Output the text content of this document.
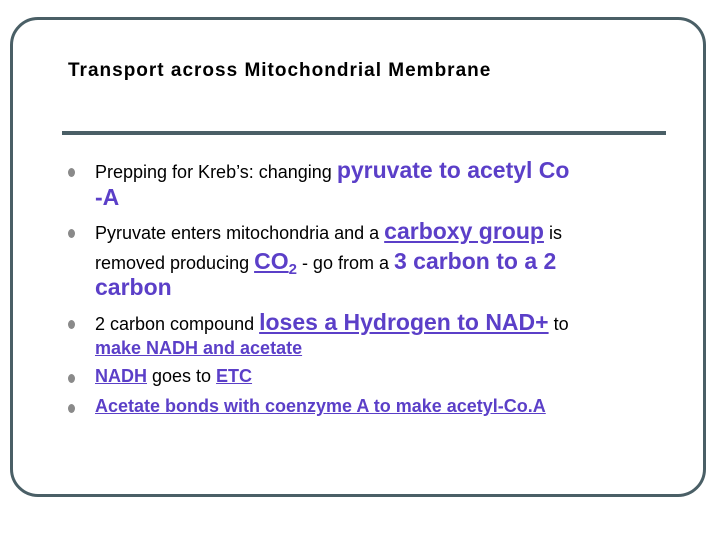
Transport across Mitochondrial Membrane
Prepping for Kreb’s: changing pyruvate to acetyl Co
-A
Pyruvate enters mitochondria and a carboxy group is
removed producing $CO_2$ - go from a 3 carbon to a 2
carbon
2 carbon compound loses a Hydrogen to NAD+ to
make NADH and acetate
NADH goes to ETC
Acetate bonds with coenzyme A to make acetyl-Co.A
